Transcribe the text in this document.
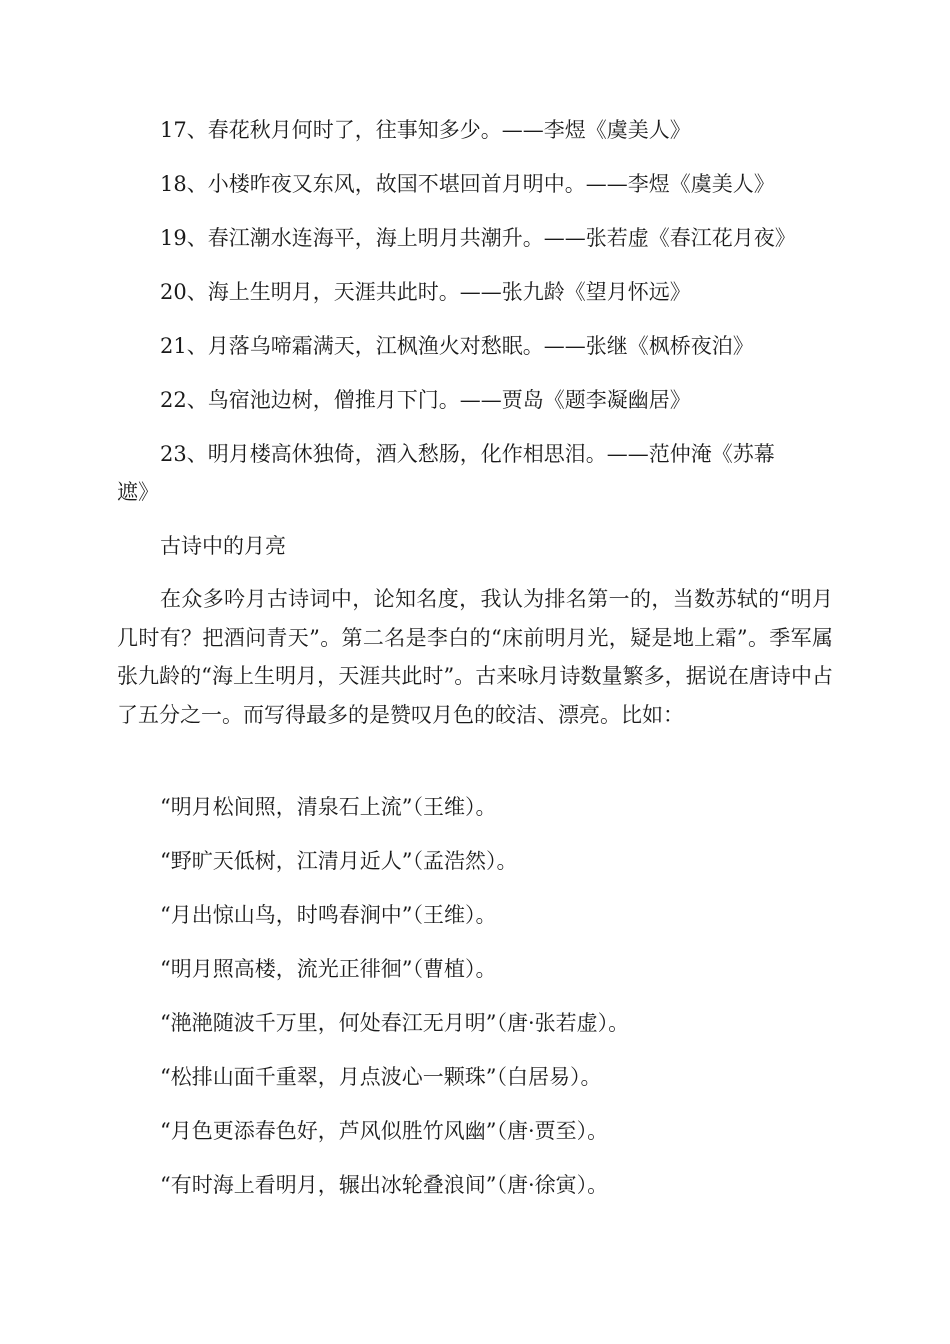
17、春花秋月何时了，往事知多少。——李煜《虞美人》
18、小楼昨夜又东风，故国不堪回首月明中。——李煜《虞美人》
19、春江潮水连海平，海上明月共潮升。——张若虚《春江花月夜》
20、海上生明月，天涯共此时。——张九龄《望月怀远》
21、月落乌啼霜满天，江枫渔火对愁眠。——张继《枫桥夜泊》
22、鸟宿池边树，僧推月下门。——贾岛《题李凝幽居》
23、明月楼高休独倚，酒入愁肠，化作相思泪。——范仲淹《苏幕
遮》
古诗中的月亮

在众多吟月古诗词中，论知名度，我认为排名第一的，当数苏轼的“明月几时有？把酒问青天”。第二名是李白的“床前明月光，疑是地上霜”。季军属张九龄的“海上生明月，天涯共此时”。古来咏月诗数量繁多，据说在唐诗中占了五分之一。而写得最多的是赞叹月色的皎洁、漂亮。比如：

“明月松间照，清泉石上流”（王维）。
“野旷天低树，江清月近人”（孟浩然）。
“月出惊山鸟，时鸣春涧中”（王维）。
“明月照高楼，流光正徘徊”（曹植）。
“滟滟随波千万里，何处春江无月明”（唐·张若虚）。
“松排山面千重翠，月点波心一颗珠”（白居易）。
“月色更添春色好，芦风似胜竹风幽”（唐·贾至）。
“有时海上看明月，辗出冰轮叠浪间”（唐·徐寅）。
